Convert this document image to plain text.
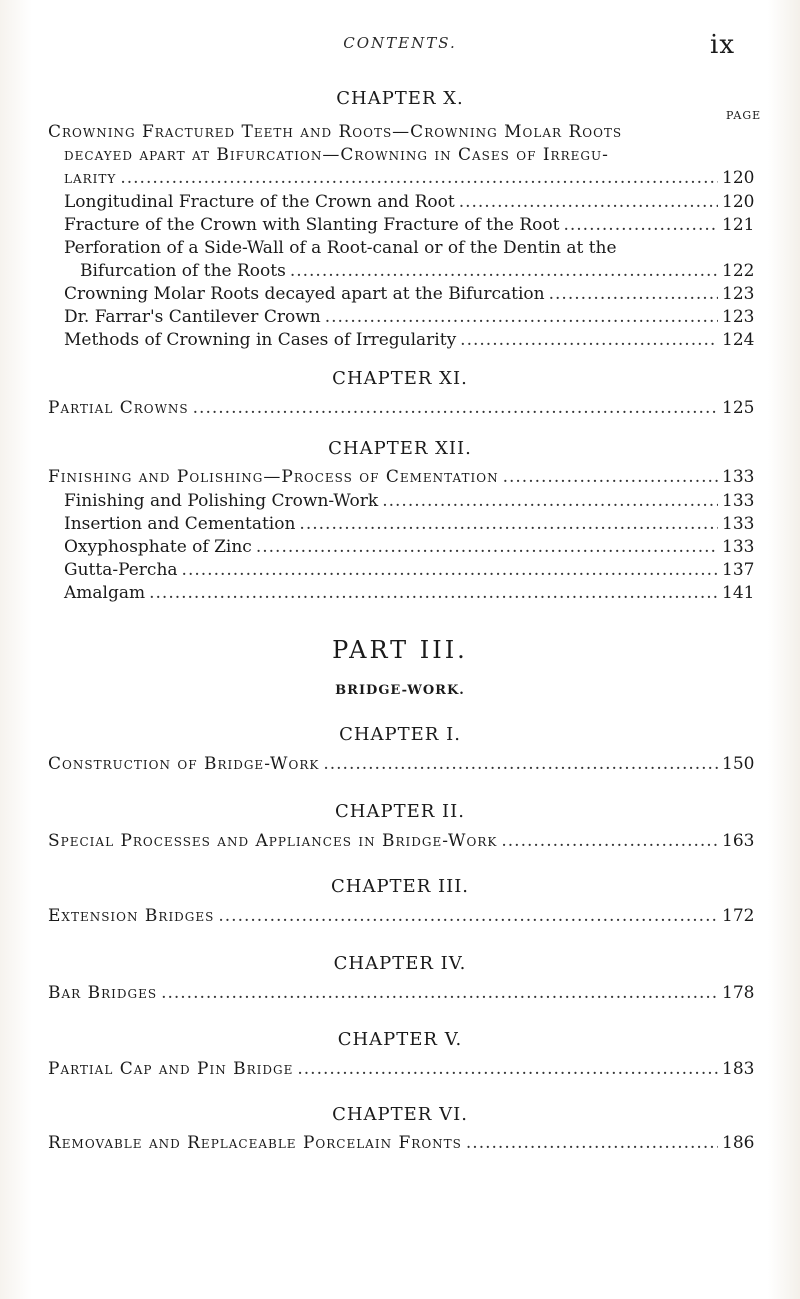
CONTENTS.	ix
CHAPTER X.
PAGE
Crowning Fractured Teeth and Roots—Crowning Molar Roots
decayed apart at Bifurcation—Crowning in Cases of Irregu-
larity .....	120
Longitudinal Fracture of the Crown and Root .....	120
Fracture of the Crown with Slanting Fracture of the Root .....	121
Perforation of a Side-Wall of a Root-canal or of the Dentin at the
Bifurcation of the Roots .....	122
Crowning Molar Roots decayed apart at the Bifurcation .....	123
Dr. Farrar's Cantilever Crown .....	123
Methods of Crowning in Cases of Irregularity .....	124
CHAPTER XI.
Partial Crowns .....	125
CHAPTER XII.
Finishing and Polishing—Process of Cementation .....	133
Finishing and Polishing Crown-Work .....	133
Insertion and Cementation .....	133
Oxyphosphate of Zinc .....	133
Gutta-Percha .....	137
Amalgam .....	141
PART III.
BRIDGE-WORK.
CHAPTER I.
Construction of Bridge-Work .....	150
CHAPTER II.
Special Processes and Appliances in Bridge-Work .....	163
CHAPTER III.
Extension Bridges .....	172
CHAPTER IV.
Bar Bridges .....	178
CHAPTER V.
Partial Cap and Pin Bridge .....	183
CHAPTER VI.
Removable and Replaceable Porcelain Fronts .....	186
